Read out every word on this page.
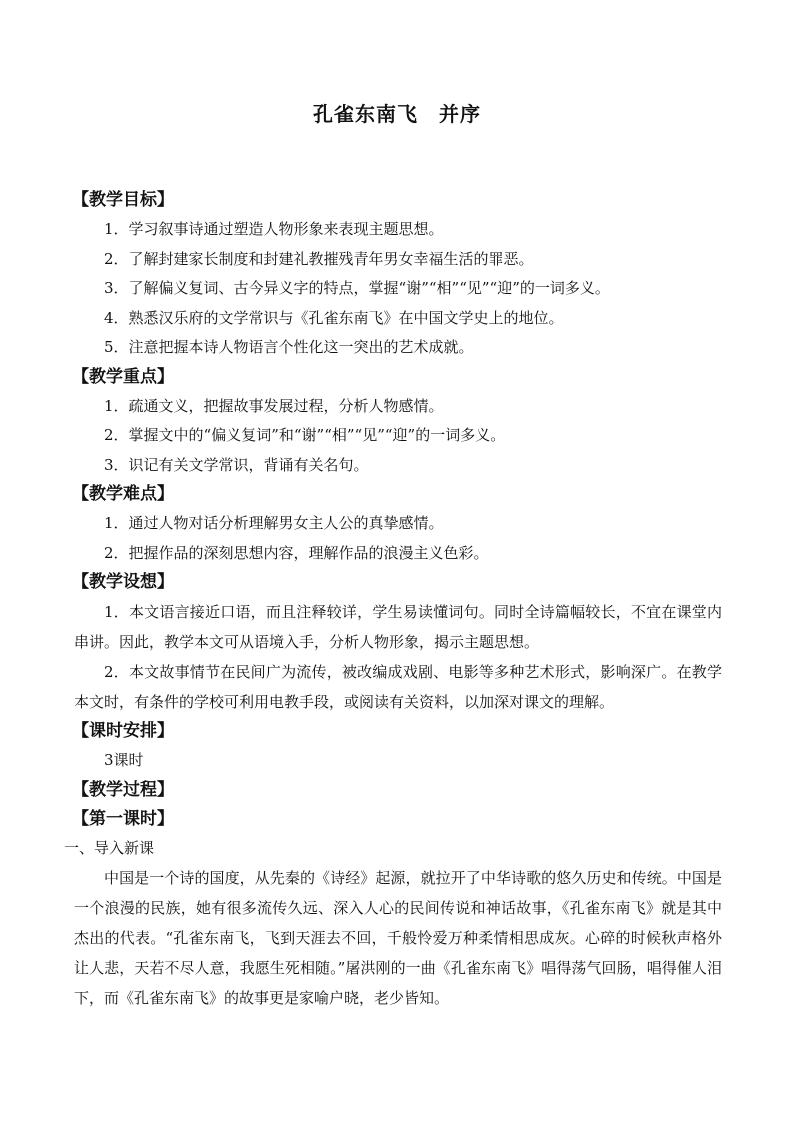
孔雀东南飞　并序
【教学目标】
1．学习叙事诗通过塑造人物形象来表现主题思想。
2．了解封建家长制度和封建礼教摧残青年男女幸福生活的罪恶。
3．了解偏义复词、古今异义字的特点，掌握“谢”“相”“见”“迎”的一词多义。
4．熟悉汉乐府的文学常识与《孔雀东南飞》在中国文学史上的地位。
5．注意把握本诗人物语言个性化这一突出的艺术成就。
【教学重点】
1．疏通文义，把握故事发展过程，分析人物感情。
2．掌握文中的“偏义复词”和“谢”“相”“见”“迎”的一词多义。
3．识记有关文学常识，背诵有关名句。
【教学难点】
1．通过人物对话分析理解男女主人公的真挚感情。
2．把握作品的深刻思想内容，理解作品的浪漫主义色彩。
【教学设想】
1．本文语言接近口语，而且注释较详，学生易读懂词句。同时全诗篇幅较长，不宜在课堂内串讲。因此，教学本文可从语境入手，分析人物形象，揭示主题思想。
2．本文故事情节在民间广为流传，被改编成戏剧、电影等多种艺术形式，影响深广。在教学本文时，有条件的学校可利用电教手段，或阅读有关资料，以加深对课文的理解。
【课时安排】
3课时
【教学过程】
【第一课时】
一、导入新课
中国是一个诗的国度，从先秦的《诗经》起源，就拉开了中华诗歌的悠久历史和传统。中国是一个浪漫的民族，她有很多流传久远、深入人心的民间传说和神话故事，《孔雀东南飞》就是其中杰出的代表。“孔雀东南飞，飞到天涯去不回，千般怜爱万种柔情相思成灰。心碎的时候秋声格外让人悲，天若不尽人意，我愿生死相随。”屠洪刚的一曲《孔雀东南飞》唱得荡气回肠，唱得催人泪下，而《孔雀东南飞》的故事更是家喻户晓，老少皆知。
